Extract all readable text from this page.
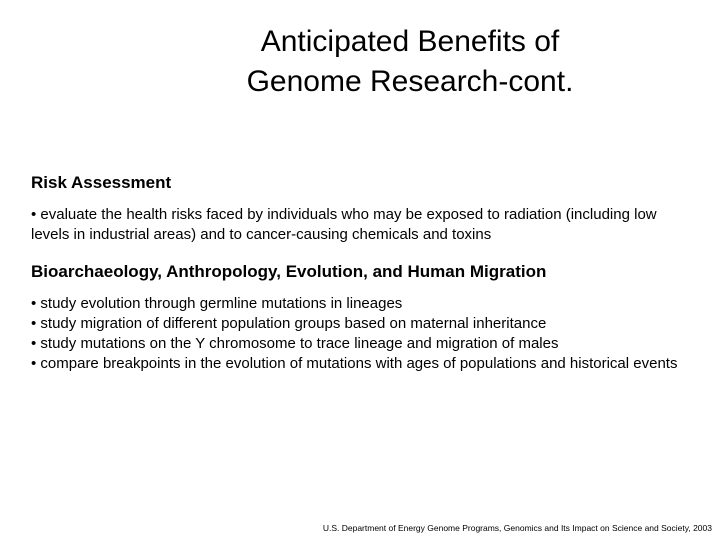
Anticipated Benefits of
Genome Research-cont.
Risk Assessment
• evaluate the health risks faced by individuals who may be exposed to radiation (including low levels in industrial areas) and to cancer-causing chemicals and toxins
Bioarchaeology, Anthropology, Evolution, and Human Migration
• study evolution through germline mutations in lineages
• study migration of different population groups based on maternal inheritance
• study mutations on the Y chromosome to trace lineage and migration of males
• compare breakpoints in the evolution of mutations with ages of populations and historical events
U.S. Department of Energy Genome Programs, Genomics and Its Impact on Science and Society, 2003
